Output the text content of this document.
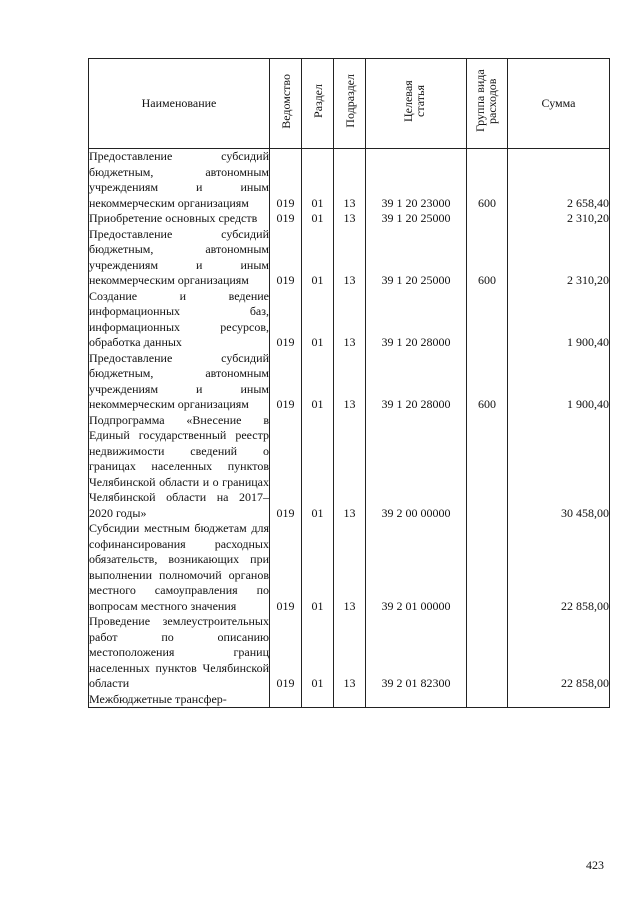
Наименование	Ведомство	Раздел	Подраздел	Целевая статья	Группа вида расходов	Сумма
Предоставление субсидий бюджетным, автономным учреждениям и иным некоммерческим организациям	019	01	13	39 1 20 23000	600	2 658,40
Приобретение основных средств	019	01	13	39 1 20 25000		2 310,20
Предоставление субсидий бюджетным, автономным учреждениям и иным некоммерческим организациям	019	01	13	39 1 20 25000	600	2 310,20
Создание и ведение информационных баз, информационных ресурсов, обработка данных	019	01	13	39 1 20 28000		1 900,40
Предоставление субсидий бюджетным, автономным учреждениям и иным некоммерческим организациям	019	01	13	39 1 20 28000	600	1 900,40
Подпрограмма «Внесение в Единый государственный реестр недвижимости сведений о границах населенных пунктов Челябинской области и о границах Челябинской области на 2017–2020 годы»	019	01	13	39 2 00 00000		30 458,00
Субсидии местным бюджетам для софинансирования расходных обязательств, возникающих при выполнении полномочий органов местного самоуправления по вопросам местного значения	019	01	13	39 2 01 00000		22 858,00
Проведение землеустроительных работ по описанию местоположения границ населенных пунктов Челябинской области	019	01	13	39 2 01 82300		22 858,00
Межбюджетные трансфер-						
423
